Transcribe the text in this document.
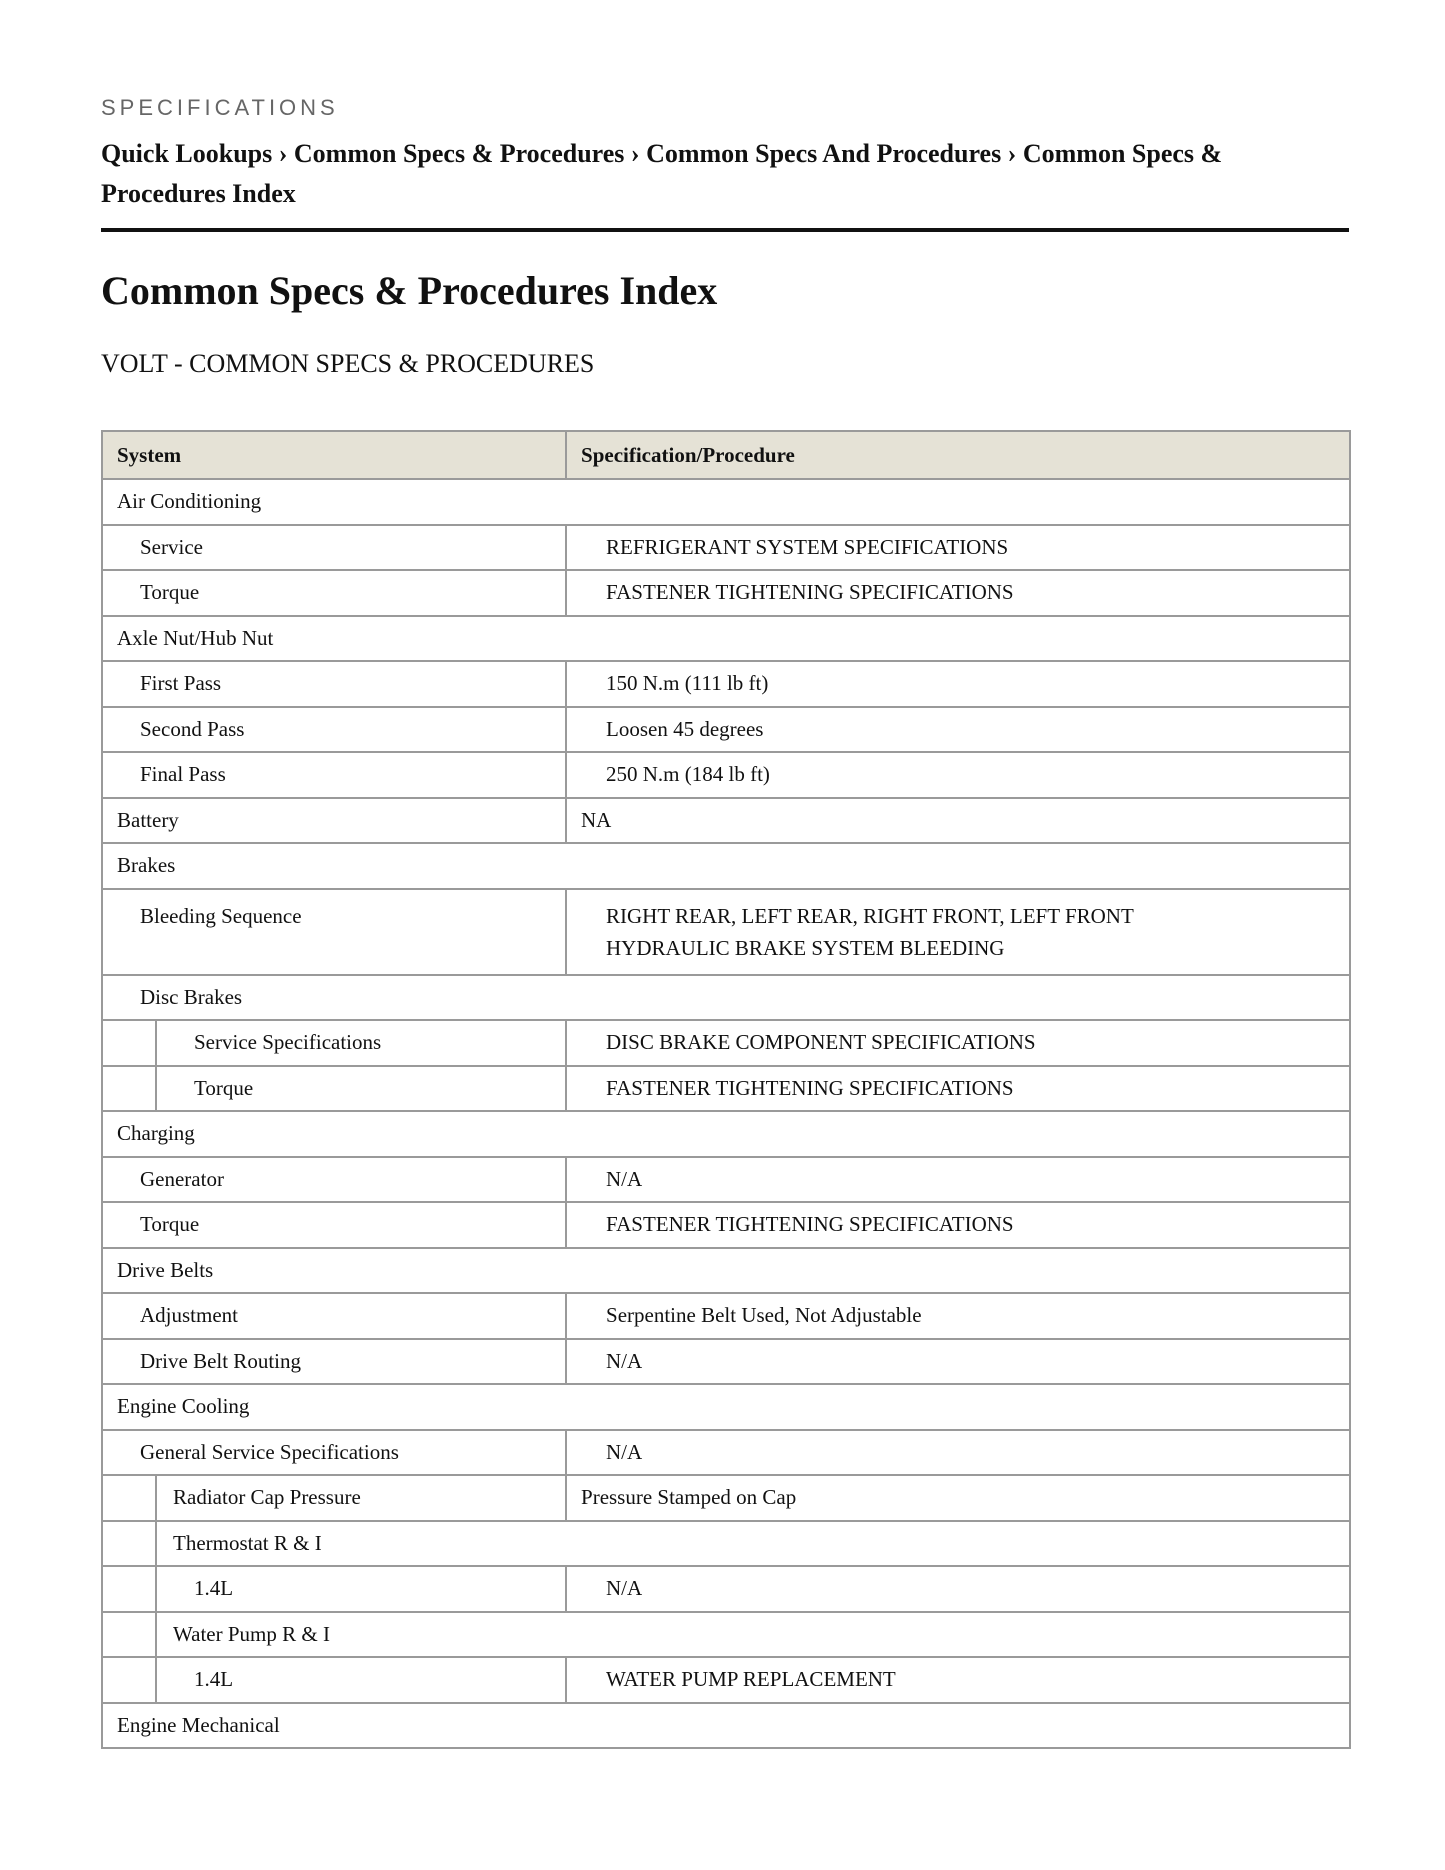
SPECIFICATIONS
Quick Lookups › Common Specs & Procedures › Common Specs And Procedures › Common Specs & Procedures Index
Common Specs & Procedures Index
VOLT - COMMON SPECS & PROCEDURES
System		Specification/Procedure
Air Conditioning		
Service		REFRIGERANT SYSTEM SPECIFICATIONS
Torque		FASTENER TIGHTENING SPECIFICATIONS
Axle Nut/Hub Nut		
First Pass		150 N.m (111 lb ft)
Second Pass		Loosen 45 degrees
Final Pass		250 N.m (184 lb ft)
Battery		NA
Brakes		
Bleeding Sequence		RIGHT REAR, LEFT REAR, RIGHT FRONT, LEFT FRONT
HYDRAULIC BRAKE SYSTEM BLEEDING

Disc Brakes		
	Service Specifications	DISC BRAKE COMPONENT SPECIFICATIONS
	Torque	FASTENER TIGHTENING SPECIFICATIONS
Charging		
Generator		N/A
Torque		FASTENER TIGHTENING SPECIFICATIONS
Drive Belts		
Adjustment		Serpentine Belt Used, Not Adjustable
Drive Belt Routing		N/A
Engine Cooling		
General Service Specifications		N/A
	Radiator Cap Pressure	Pressure Stamped on Cap
	Thermostat R & I	
	1.4L	N/A
	Water Pump R & I	
	1.4L	WATER PUMP REPLACEMENT
Engine Mechanical		
